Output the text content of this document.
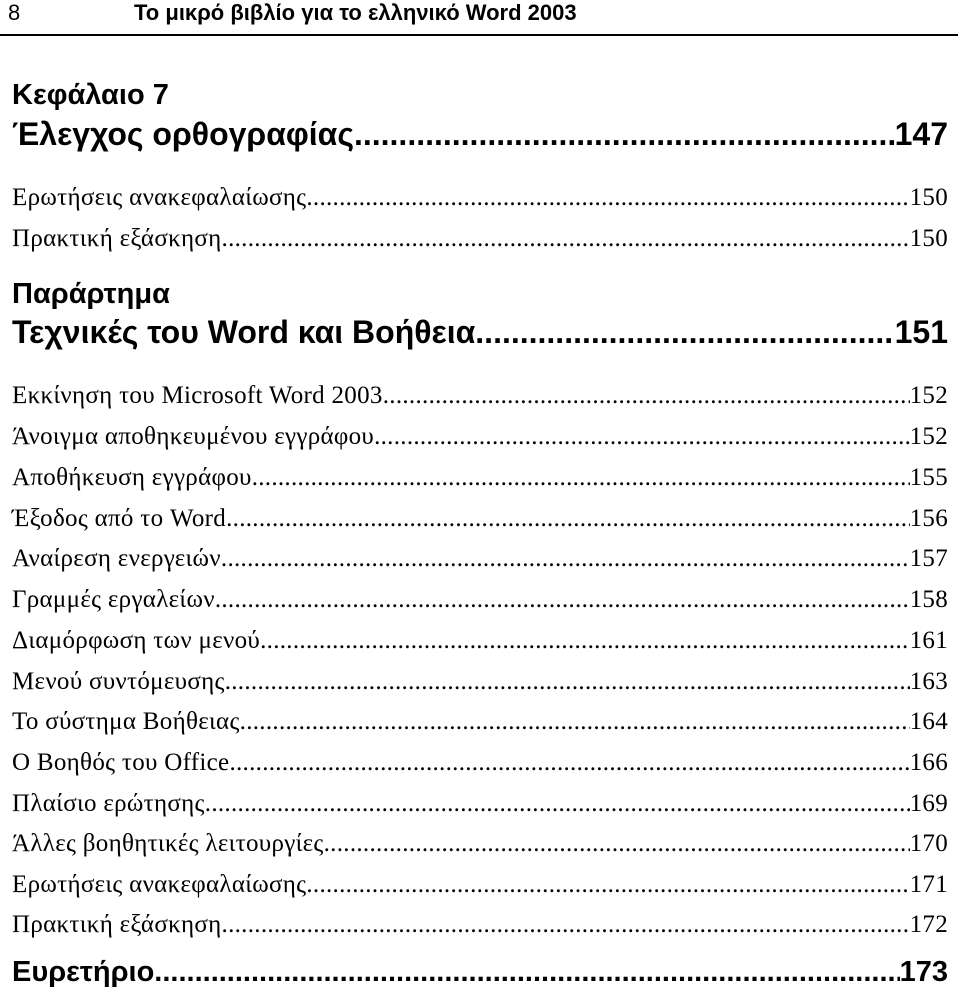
8	Το μικρό βιβλίο για το ελληνικό Word 2003
Κεφάλαιο 7
Έλεγχος ορθογραφίας .....	147
Ερωτήσεις ανακεφαλαίωσης .....	150
Πρακτική εξάσκηση .....	150
Παράρτημα
Τεχνικές του Word και Βοήθεια .....	151
Εκκίνηση του Microsoft Word 2003 .....	152
Άνοιγμα αποθηκευμένου εγγράφου .....	152
Αποθήκευση εγγράφου .....	155
Έξοδος από το Word .....	156
Αναίρεση ενεργειών .....	157
Γραμμές εργαλείων .....	158
Διαμόρφωση των μενού .....	161
Μενού συντόμευσης .....	163
Το σύστημα Βοήθειας .....	164
Ο Βοηθός του Office .....	166
Πλαίσιο ερώτησης .....	169
Άλλες βοηθητικές λειτουργίες .....	170
Ερωτήσεις ανακεφαλαίωσης .....	171
Πρακτική εξάσκηση .....	172
Ευρετήριο .....	173
